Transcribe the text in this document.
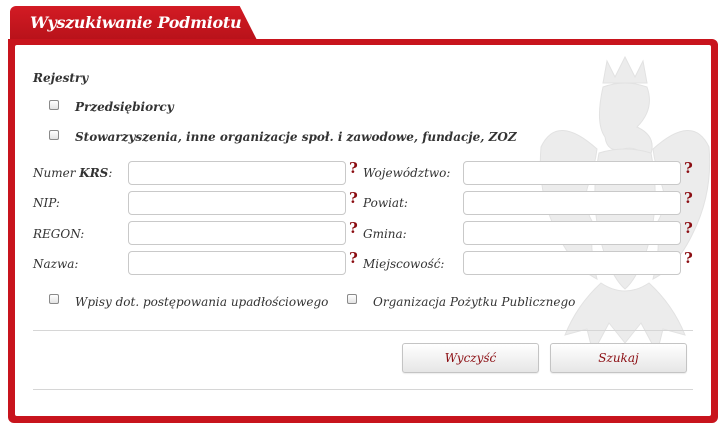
Wyszukiwanie Podmiotu
Rejestry
Przedsiębiorcy
Stowarzyszenia, inne organizacje społ. i zawodowe, fundacje, ZOZ
Numer KRS:	?
NIP:	?
REGON:	?
Nazwa:	?
Województwo:	?
Powiat:	?
Gmina:	?
Miejscowość:	?
Wpisy dot. postępowania upadłościowego	Organizacja Pożytku Publicznego
Wyczyść	Szukaj
